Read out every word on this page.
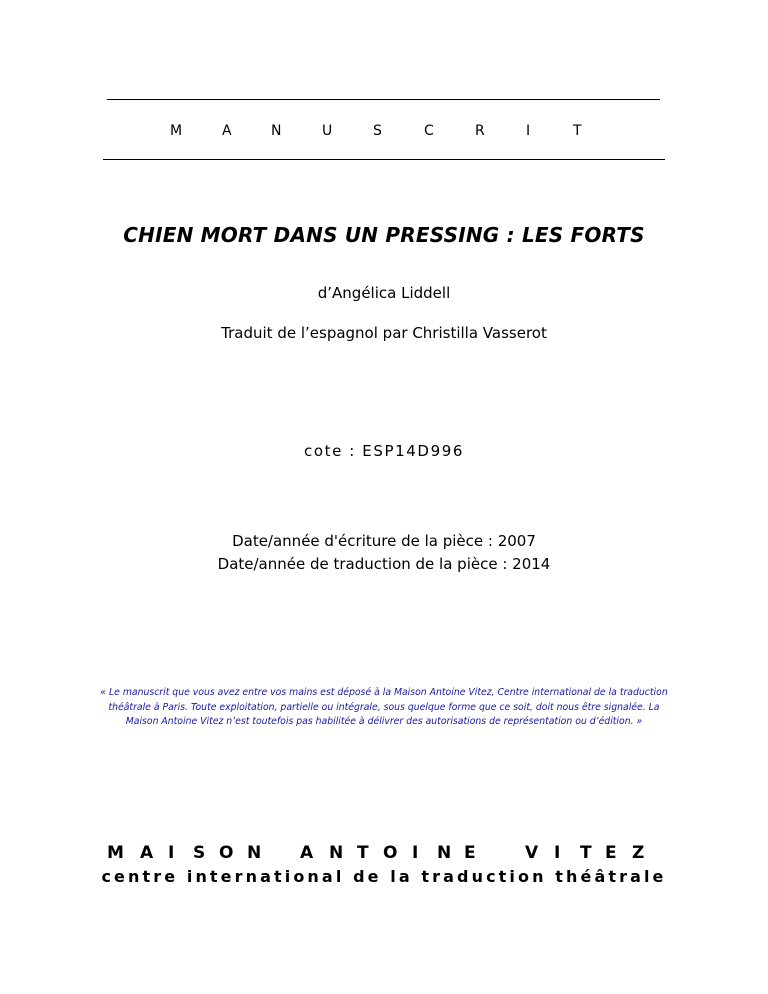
M	A	N	U	S	C	R	I	T
CHIEN MORT DANS UN PRESSING : LES FORTS
d’Angélica Liddell
Traduit de l’espagnol par Christilla Vasserot
cote : ESP14D996
Date/année d'écriture de la pièce : 2007
Date/année de traduction de la pièce : 2014
« Le manuscrit que vous avez entre vos mains est déposé à la Maison Antoine Vitez, Centre international de la traduction théâtrale à Paris. Toute exploitation, partielle ou intégrale, sous quelque forme que ce soit, doit nous être signalée. La Maison Antoine Vitez n’est toutefois pas habilitée à délivrer des autorisations de représentation ou d’édition. »
M A I S O N A N T O I N E	V I T E Z
centre international de la traduction théâtrale
